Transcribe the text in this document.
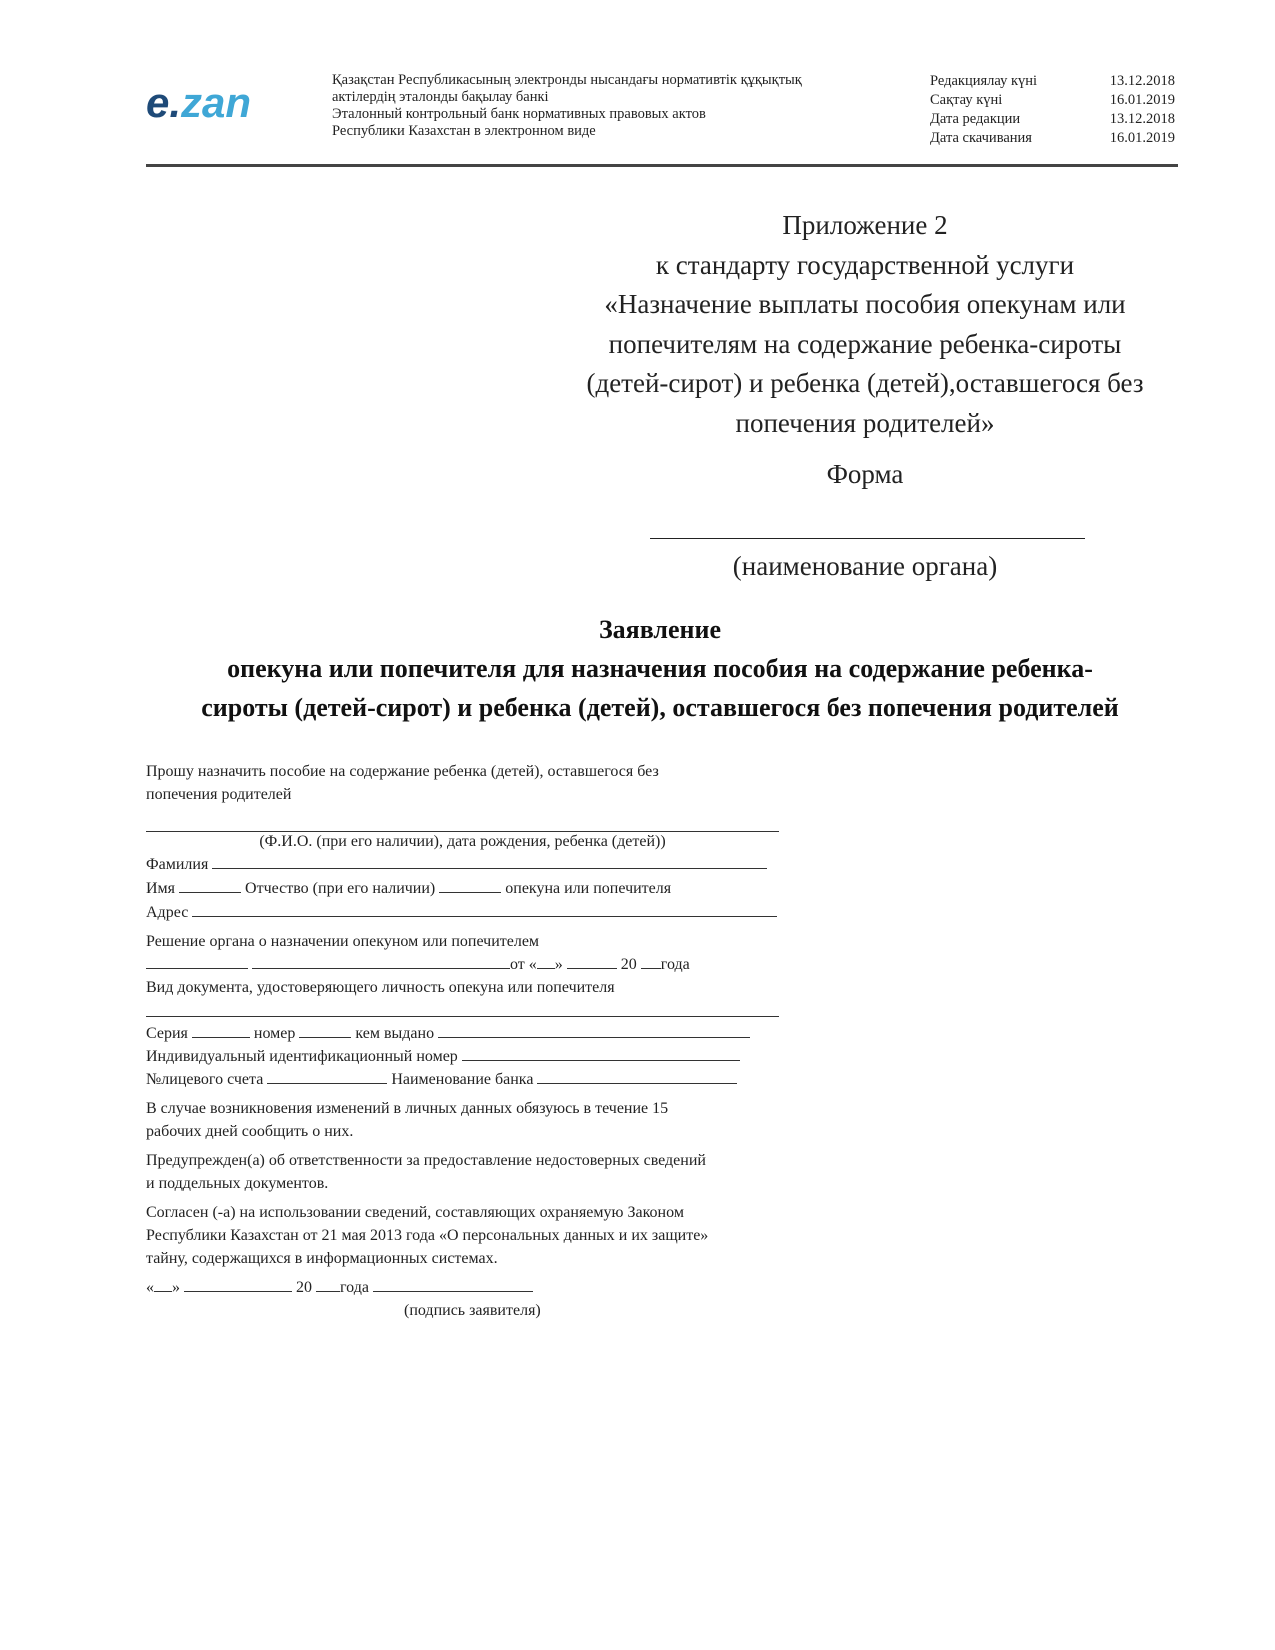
e.zan	Қазақстан Республикасының электронды нысандағы нормативтік құқықтық
актілердің эталонды бақылау банкі
Эталонный контрольный банк нормативных правовых актов
Республики Казахстан в электронном виде
Редакциялау күні	13.12.2018
Сақтау күні	16.01.2019
Дата редакции	13.12.2018
Дата скачивания	16.01.2019
Приложение 2
к стандарту государственной услуги
«Назначение выплаты пособия опекунам или
попечителям на содержание ребенка-сироты
(детей-сирот) и ребенка (детей),оставшегося без
попечения родителей»
Форма
(наименование органа)
Заявление
опекуна или попечителя для назначения пособия на содержание ребенка-
сироты (детей-сирот) и ребенка (детей), оставшегося без попечения родителей
Прошу назначить пособие на содержание ребенка (детей), оставшегося без
попечения родителей
(Ф.И.О. (при его наличии), дата рождения, ребенка (детей))
Фамилия
Имя	Отчество (при его наличии)	опекуна или попечителя
Адрес
Решение органа о назначении опекуном или попечителем
от « »	20 года
Вид документа, удостоверяющего личность опекуна или попечителя
Серия	номер	кем выдано
Индивидуальный идентификационный номер
№лицевого счета	Наименование банка
В случае возникновения изменений в личных данных обязуюсь в течение 15
рабочих дней сообщить о них.
Предупрежден(а) об ответственности за предоставление недостоверных сведений
и поддельных документов.
Согласен (-а) на использовании сведений, составляющих охраняемую Законом
Республики Казахстан от 21 мая 2013 года «О персональных данных и их защите»
тайну, содержащихся в информационных системах.
« »	20 года
(подпись заявителя)
